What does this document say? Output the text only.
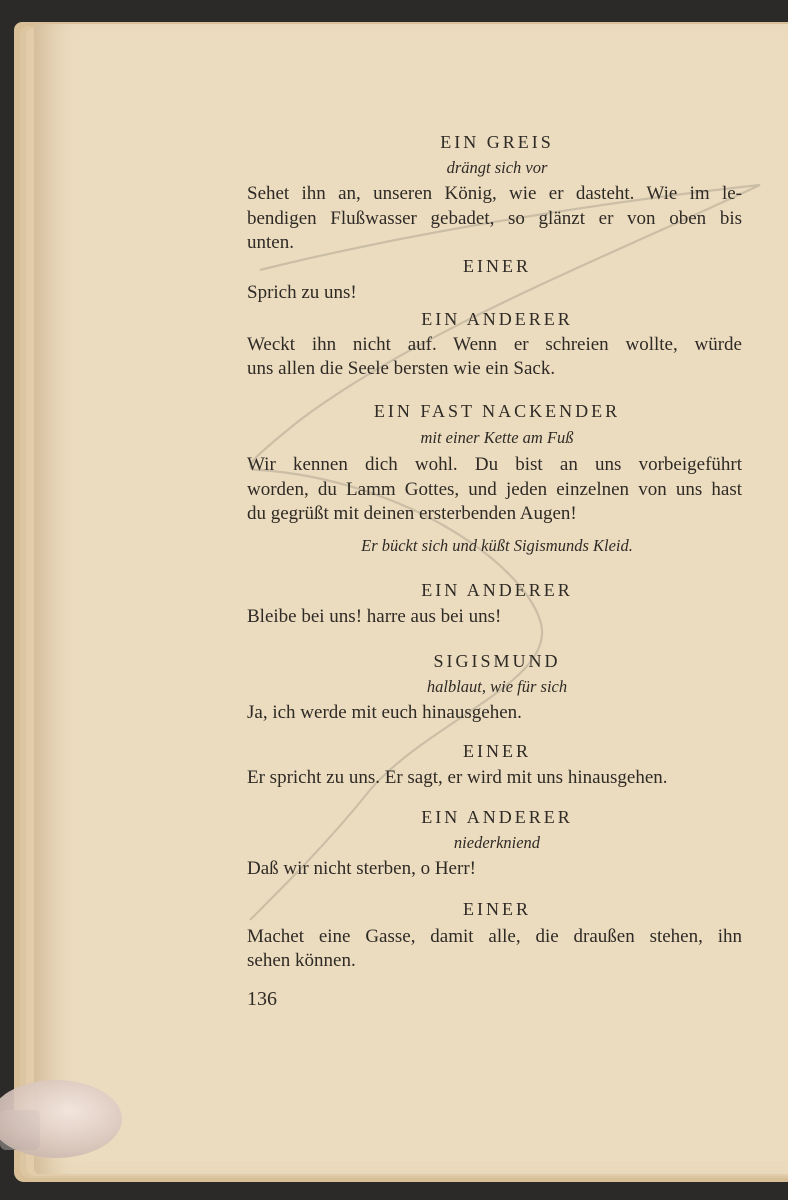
EIN GREIS
drängt sich vor
Sehet ihn an, unseren König, wie er dasteht. Wie im le-
bendigen Flußwasser gebadet, so glänzt er von oben bis
unten.
EINER
Sprich zu uns!
EIN ANDERER
Weckt ihn nicht auf. Wenn er schreien wollte, würde
uns allen die Seele bersten wie ein Sack.
EIN FAST NACKENDER
mit einer Kette am Fuß
Wir kennen dich wohl. Du bist an uns vorbeigeführt
worden, du Lamm Gottes, und jeden einzelnen von uns hast
du gegrüßt mit deinen ersterbenden Augen!
Er bückt sich und küßt Sigismunds Kleid.
EIN ANDERER
Bleibe bei uns! harre aus bei uns!
SIGISMUND
halblaut, wie für sich
Ja, ich werde mit euch hinausgehen.
EINER
Er spricht zu uns. Er sagt, er wird mit uns hinausgehen.
EIN ANDERER
niederkniend
Daß wir nicht sterben, o Herr!
EINER
Machet eine Gasse, damit alle, die draußen stehen, ihn
sehen können.
136
